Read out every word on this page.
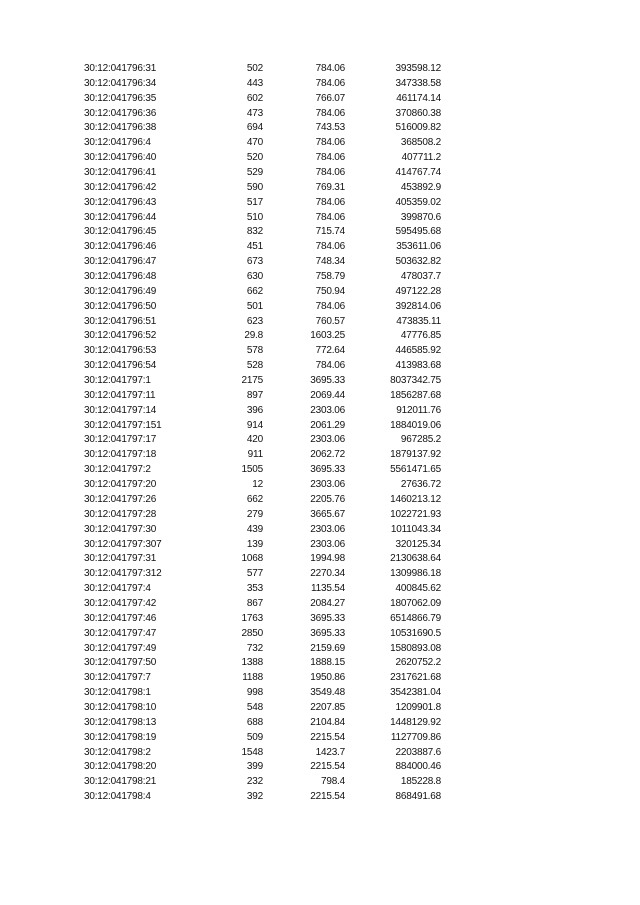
30:12:041796:31	502	784.06	393598.12
30:12:041796:34	443	784.06	347338.58
30:12:041796:35	602	766.07	461174.14
30:12:041796:36	473	784.06	370860.38
30:12:041796:38	694	743.53	516009.82
30:12:041796:4	470	784.06	368508.2
30:12:041796:40	520	784.06	407711.2
30:12:041796:41	529	784.06	414767.74
30:12:041796:42	590	769.31	453892.9
30:12:041796:43	517	784.06	405359.02
30:12:041796:44	510	784.06	399870.6
30:12:041796:45	832	715.74	595495.68
30:12:041796:46	451	784.06	353611.06
30:12:041796:47	673	748.34	503632.82
30:12:041796:48	630	758.79	478037.7
30:12:041796:49	662	750.94	497122.28
30:12:041796:50	501	784.06	392814.06
30:12:041796:51	623	760.57	473835.11
30:12:041796:52	29.8	1603.25	47776.85
30:12:041796:53	578	772.64	446585.92
30:12:041796:54	528	784.06	413983.68
30:12:041797:1	2175	3695.33	8037342.75
30:12:041797:11	897	2069.44	1856287.68
30:12:041797:14	396	2303.06	912011.76
30:12:041797:151	914	2061.29	1884019.06
30:12:041797:17	420	2303.06	967285.2
30:12:041797:18	911	2062.72	1879137.92
30:12:041797:2	1505	3695.33	5561471.65
30:12:041797:20	12	2303.06	27636.72
30:12:041797:26	662	2205.76	1460213.12
30:12:041797:28	279	3665.67	1022721.93
30:12:041797:30	439	2303.06	1011043.34
30:12:041797:307	139	2303.06	320125.34
30:12:041797:31	1068	1994.98	2130638.64
30:12:041797:312	577	2270.34	1309986.18
30:12:041797:4	353	1135.54	400845.62
30:12:041797:42	867	2084.27	1807062.09
30:12:041797:46	1763	3695.33	6514866.79
30:12:041797:47	2850	3695.33	10531690.5
30:12:041797:49	732	2159.69	1580893.08
30:12:041797:50	1388	1888.15	2620752.2
30:12:041797:7	1188	1950.86	2317621.68
30:12:041798:1	998	3549.48	3542381.04
30:12:041798:10	548	2207.85	1209901.8
30:12:041798:13	688	2104.84	1448129.92
30:12:041798:19	509	2215.54	1127709.86
30:12:041798:2	1548	1423.7	2203887.6
30:12:041798:20	399	2215.54	884000.46
30:12:041798:21	232	798.4	185228.8
30:12:041798:4	392	2215.54	868491.68
